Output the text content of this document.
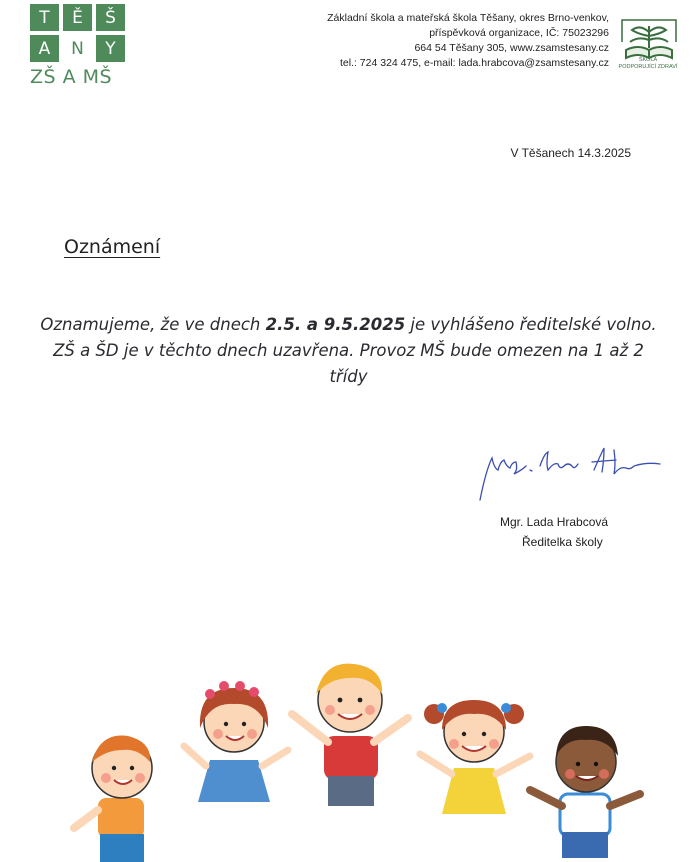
T	Ě	Š
A	N	Y
ZŠ A MŠ
Základní škola a mateřská škola Těšany, okres Brno-venkov,
příspěvková organizace, IČ: 75023296
664 54 Těšany 305, www.zsamstesany.cz
tel.: 724 324 475, e-mail: lada.hrabcova@zsamstesany.cz	ŠKOLA
PODPORUJÍCÍ ZDRAVÍ
V Těšanech 14.3.2025
Oznámení
Oznamujeme, že ve dnech 2.5. a 9.5.2025 je vyhlášeno ředitelské volno. ZŠ a ŠD je v těchto dnech uzavřena. Provoz MŠ bude omezen na 1 až 2 třídy
Mgr. Lada Hrabcová
Ředitelka školy
